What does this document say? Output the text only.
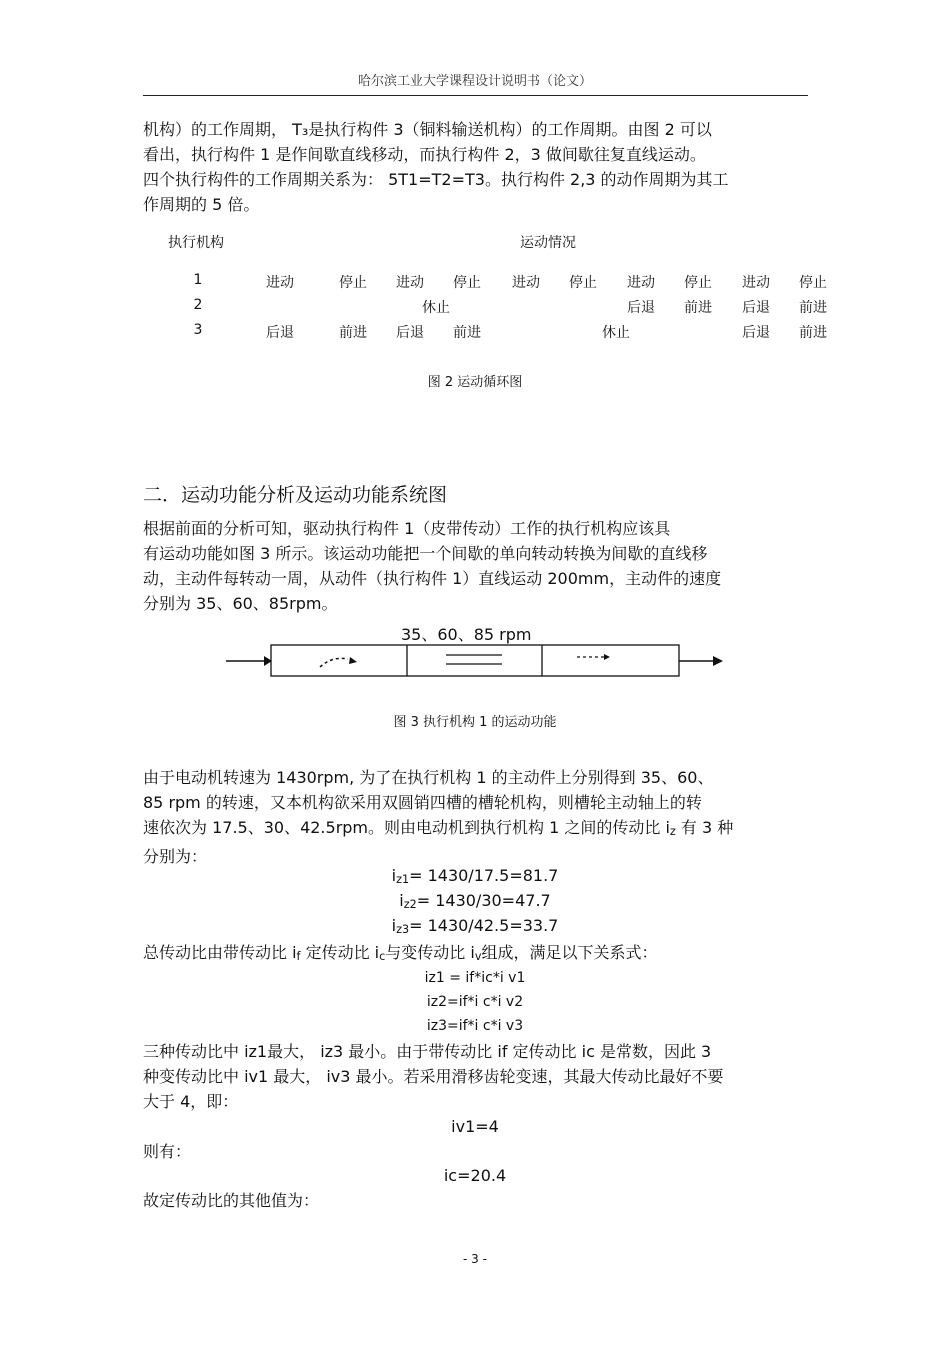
哈尔滨工业大学课程设计说明书（论文）
机构）的工作周期， T₃是执行构件 3（铜料输送机构）的工作周期。由图 2 可以
看出，执行构件 1 是作间歇直线移动，而执行构件 2，3 做间歇往复直线运动。
四个执行构件的工作周期关系为： 5T1=T2=T3。执行构件 2,3 的动作周期为其工
作周期的 5 倍。
执行机构	运动情况
1	进动	停止 进动 停止 进动 停止 进动 停止 进动 停止
2	休止	后退 前进 后退 前进
3	后退	前进 后退 前进	休止	后退 前进
图 2 运动循环图
二．运动功能分析及运动功能系统图
根据前面的分析可知，驱动执行构件 1（皮带传动）工作的执行机构应该具
有运动功能如图 3 所示。该运动功能把一个间歇的单向转动转换为间歇的直线移
动，主动件每转动一周，从动件（执行构件 1）直线运动 200mm，主动件的速度
分别为 35、60、85rpm。
35、60、85 rpm
图 3 执行机构 1 的运动功能
由于电动机转速为 1430rpm, 为了在执行机构 1 的主动件上分别得到 35、60、
85 rpm 的转速，又本机构欲采用双圆销四槽的槽轮机构，则槽轮主动轴上的转
速依次为 17.5、30、42.5rpm。则由电动机到执行机构 1 之间的传动比 $i_z$ 有 3 种
分别为：
$i_{z1}= 1430/17.5=81.7$
$i_{z2}= 1430/30=47.7$
$i_{z3}= 1430/42.5=33.7$
总传动比由带传动比 $i_f$ 定传动比 $i_c$与变传动比 $i_v$组成，满足以下关系式：
iz1 = if*ic*i v1
iz2=if*i c*i v2
iz3=if*i c*i v3
三种传动比中 iz1最大， iz3 最小。由于带传动比 if 定传动比 ic 是常数，因此 3
种变传动比中 iv1 最大， iv3 最小。若采用滑移齿轮变速，其最大传动比最好不要
大于 4，即：
iv1=4
则有：
ic=20.4
故定传动比的其他值为：
- 3 -
